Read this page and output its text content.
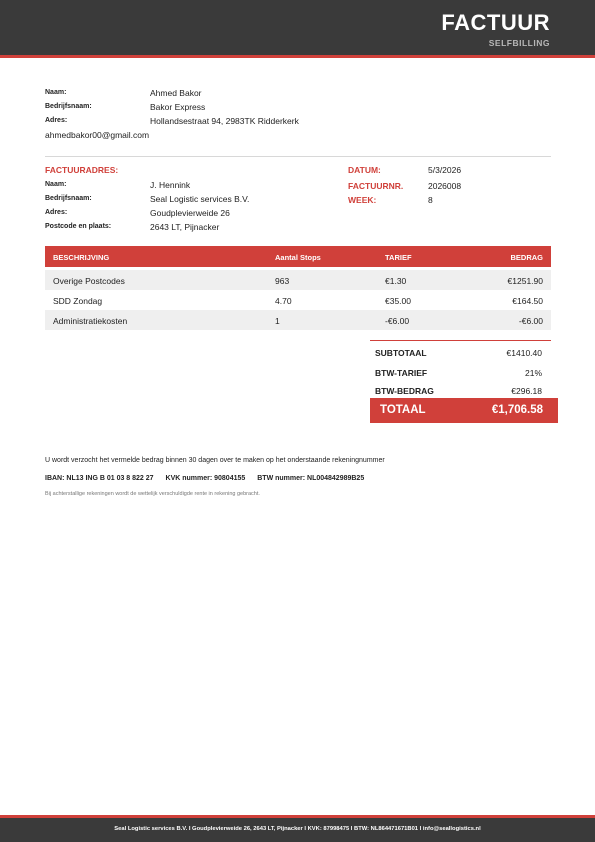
FACTUUR
SELFBILLING
Naam:	Ahmed Bakor
Bedrijfsnaam:	Bakor Express
Adres:	Hollandsestraat 94, 2983TK Ridderkerk
ahmedbakor00@gmail.com
FACTUURADRES:
Naam:	J. Hennink
Bedrijfsnaam:	Seal Logistic services B.V.
Adres:	Goudplevierweide 26
Postcode en plaats:	2643 LT, Pijnacker
DATUM:	5/3/2026
FACTUURNR.	2026008
WEEK:	8
BESCHRIJVING	Aantal Stops	TARIEF	BEDRAG
Overige Postcodes	963	€1.30	€1251.90
SDD Zondag	4.70	€35.00	€164.50
Administratiekosten	1	-€6.00	-€6.00
SUBTOTAAL	€1410.40
BTW-TARIEF	21%
BTW-BEDRAG	€296.18
TOTAAL	€1,706.58
U wordt verzocht het vermelde bedrag binnen 30 dagen over te maken op het onderstaande rekeningnummer
IBAN: NL13 ING B 01 03 8 822 27 KVK nummer: 90804155 BTW nummer: NL004842989B25
Bij achterstallige rekeningen wordt de wettelijk verschuldigde rente in rekening gebracht.
Seal Logistic services B.V. I Goudplevierweide 26, 2643 LT, Pijnacker I KVK: 87998475 I BTW: NL864471671B01 I info@seallogistics.nl
